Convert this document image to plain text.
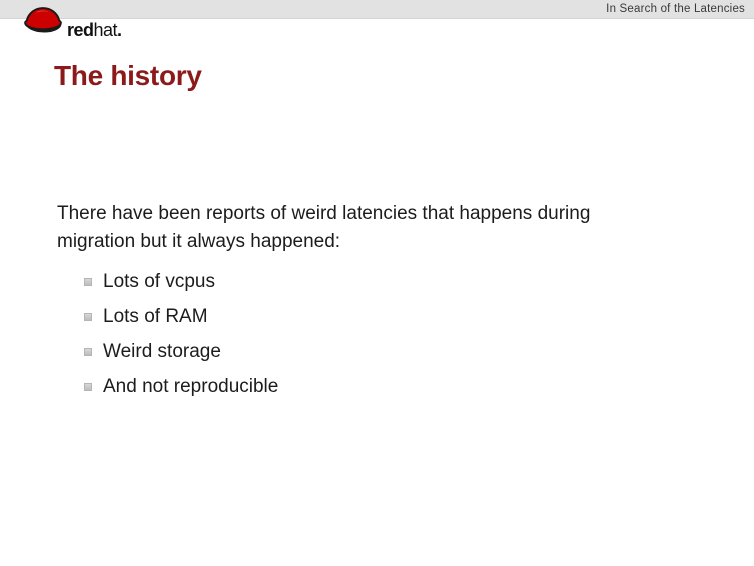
In Search of the Latencies
redhat.
The history
There have been reports of weird latencies that happens during
migration but it always happened:
Lots of vcpus
Lots of RAM
Weird storage
And not reproducible
